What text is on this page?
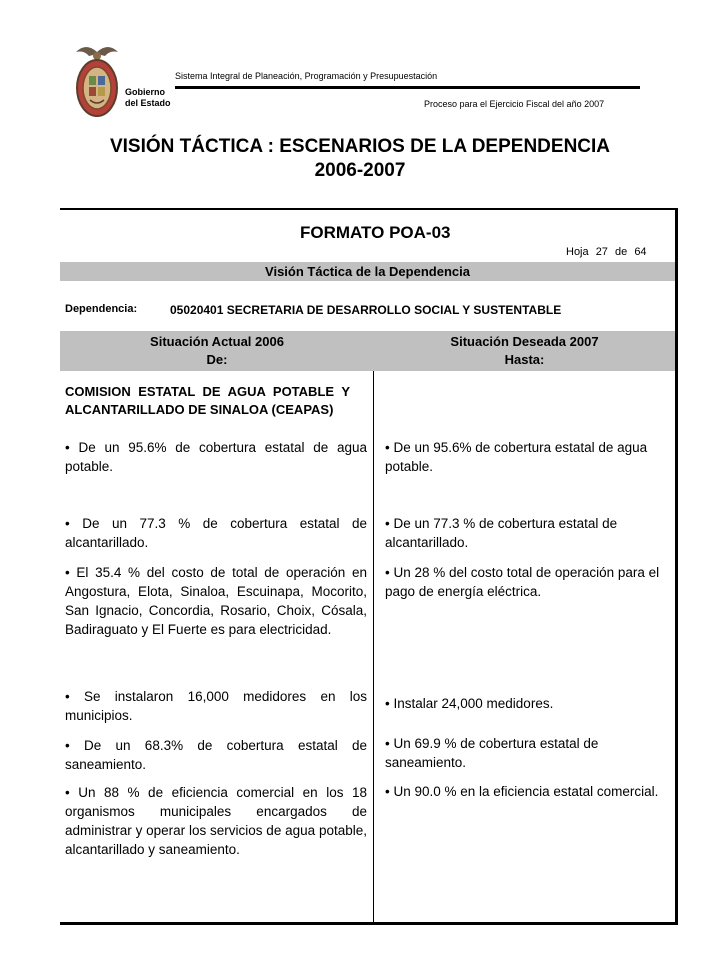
Gobierno
del Estado
Sistema Integral de Planeación, Programación y Presupuestación
Proceso para el Ejercicio Fiscal del año 2007
VISIÓN TÁCTICA : ESCENARIOS DE LA DEPENDENCIA
2006-2007
FORMATO POA-03
Hoja 27 de 64
Visión Táctica de la Dependencia
Dependencia:	05020401 SECRETARIA DE DESARROLLO SOCIAL Y SUSTENTABLE
Situación Actual 2006
De:
Situación Deseada 2007
Hasta:
COMISION ESTATAL DE AGUA POTABLE Y ALCANTARILLADO DE SINALOA (CEAPAS)
• De un 95.6% de cobertura estatal de agua potable.
• De un 77.3 % de cobertura estatal de alcantarillado.
• El 35.4 % del costo de total de operación en Angostura, Elota, Sinaloa, Escuinapa, Mocorito, San Ignacio, Concordia, Rosario, Choix, Cósala, Badiraguato y El Fuerte es para electricidad.
• Se instalaron 16,000 medidores en los municipios.
• De un 68.3% de cobertura estatal de saneamiento.
• Un 88 % de eficiencia comercial en los 18 organismos municipales encargados de administrar y operar los servicios de agua potable, alcantarillado y saneamiento.
• De un 95.6% de cobertura estatal de agua potable.
• De un 77.3 % de cobertura estatal de alcantarillado.
• Un 28 % del costo total de operación para el pago de energía eléctrica.
• Instalar 24,000 medidores.
• Un 69.9 % de cobertura estatal de saneamiento.
• Un 90.0 % en la eficiencia estatal comercial.
